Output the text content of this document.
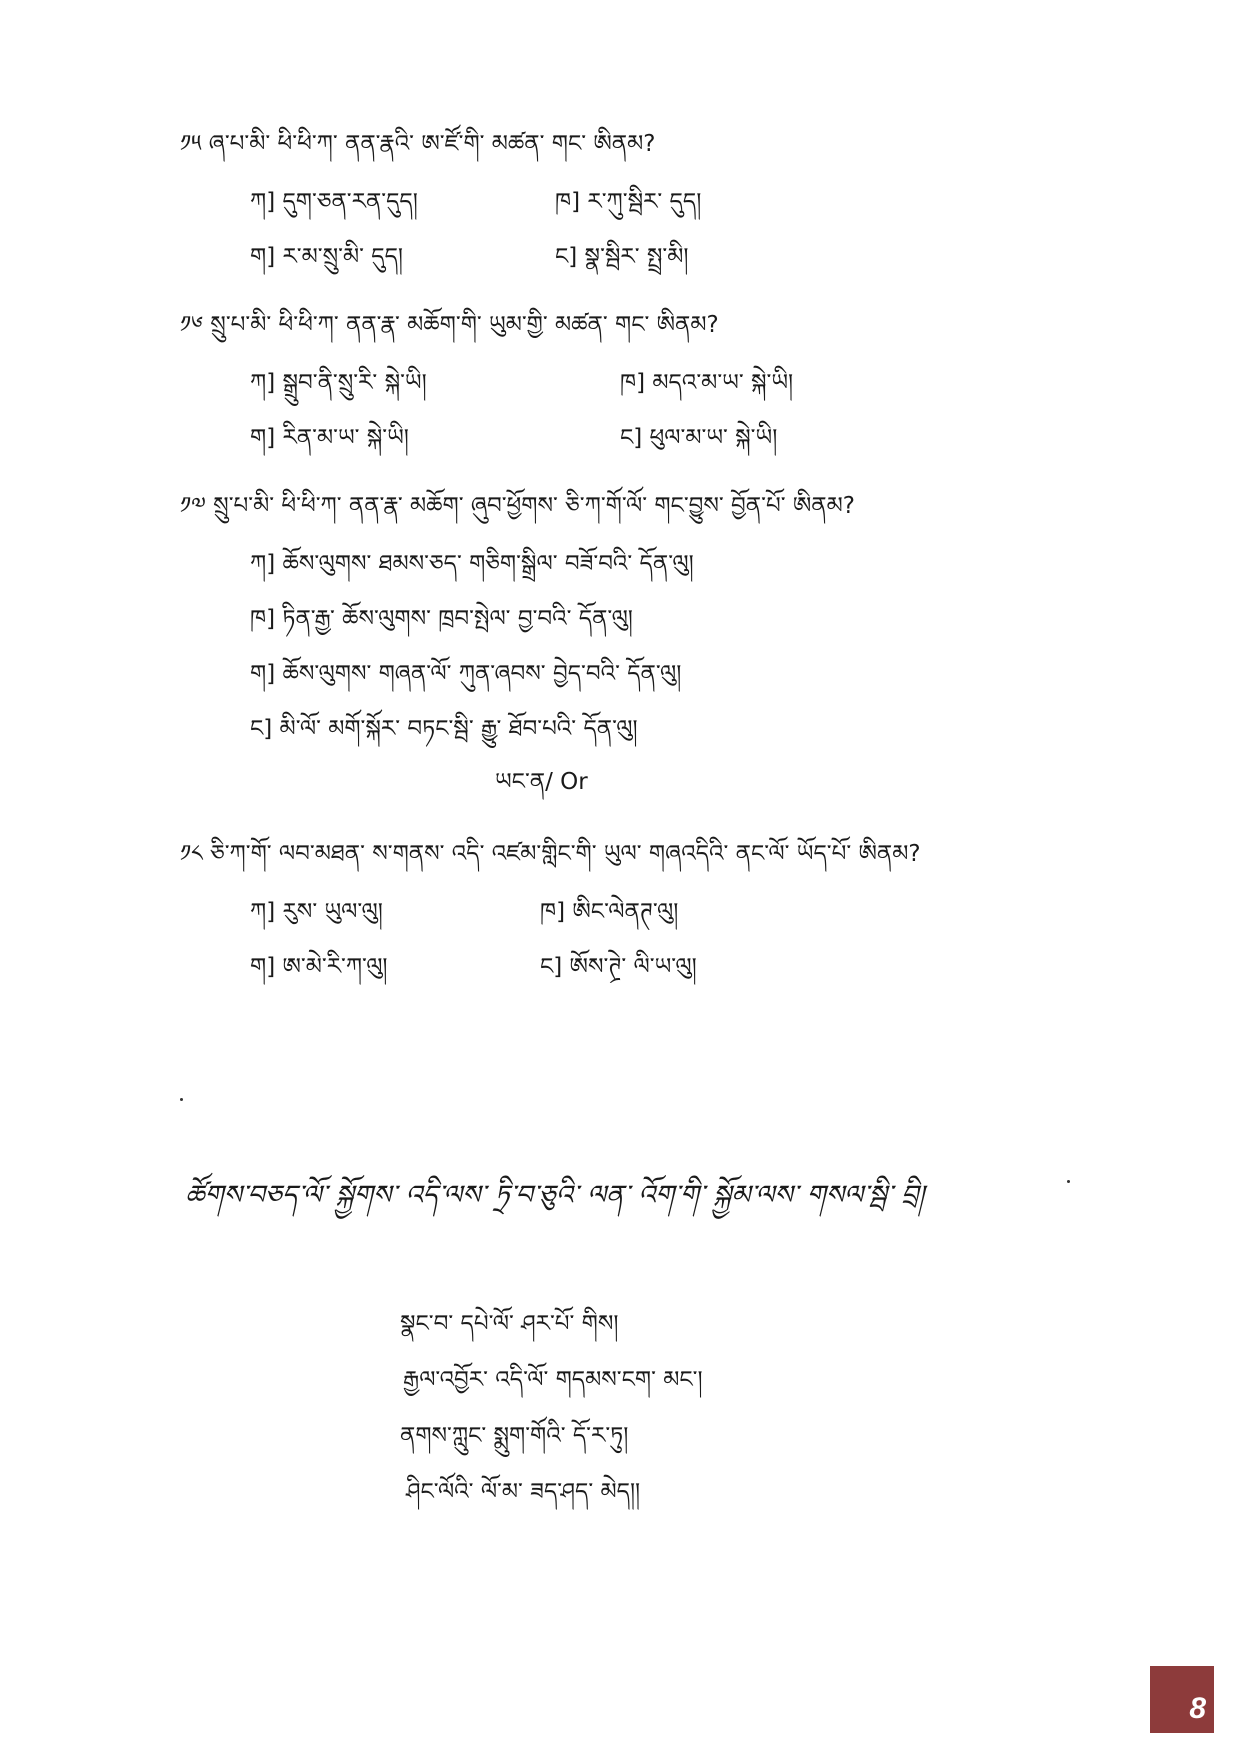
༡༥ ཞ་པ་མི་ ཕི་ཕི་ཀ་ ནན་རྣའི་ ཨ་ཛོ་གི་ མཚན་ གང་ ཨིནམ?
ཀ] དུག་ཅན་རན་དུད།	ཁ] ར་ཀུ་སྦིར་ དུད།
ག] ར་མ་སྲུ་མི་ དུད།	ང] སྣ་སྦིར་ སྤྲ་མི།
༡༦ སྲུ་པ་མི་ ཕི་ཕི་ཀ་ ནན་རྣ་ མཆོག་གི་ ཡུམ་གྱི་ མཚན་ གང་ ཨིནམ?
ཀ] སྒྲུབ་ནི་སྲུ་རི་ སྐེ་ཡི།	ཁ] མདའ་མ་ཡ་ སྐེ་ཡི།
ག] རིན་མ་ཡ་ སྐེ་ཡི།	ང] ཕུལ་མ་ཡ་ སྐེ་ཡི།
༡༧ སྲུ་པ་མི་ ཕི་ཕི་ཀ་ ནན་རྣ་ མཆོག་ ཞུབ་ཕྱོགས་ ཅི་ཀ་གོ་ལོ་ གང་བྱུས་ བྱོན་པོ་ ཨིནམ?
ཀ] ཆོས་ལུགས་ ཐམས་ཅད་ གཅིག་སྒྲིལ་ བཟོ་བའི་ དོན་ལུ།
ཁ] ཏིན་རྒྱ་ ཆོས་ལུགས་ ཁྲབ་སྤེལ་ བྱ་བའི་ དོན་ལུ།
ག] ཆོས་ལུགས་ གཞན་ལོ་ ཀུན་ཞབས་ བྱེད་བའི་ དོན་ལུ།
ང] མི་ལོ་ མགོ་སྐོར་ བཏང་སྦི་ རྒྱུ་ ཐོབ་པའི་ དོན་ལུ།
ཡང་ན/ Or
༡༨ ཅི་ཀ་གོ་ ལབ་མཐན་ ས་གནས་ འདི་ འཛམ་གླིང་གི་ ཡུལ་ གཞའདིའི་ ནང་ལོ་ ཡོད་པོ་ ཨིནམ?
ཀ] རུས་ ཡུལ་ལུ།	ཁ] ཨིང་ལེནཊ་ལུ།
ག] ཨ་མེ་རི་ཀ་ལུ།	ང] ཨོས་ཊྲེ་ ལི་ཡ་ལུ།
ཚོགས་བཅད་ལོ་ སྐྱོགས་ འདི་ལས་ ཏྲི་བ་ཅུའི་ ལན་ འོག་གི་ སྐྱོམ་ལས་ གསལ་སྦི་ བྲི།
སྣང་བ་ དཔེ་ལོ་ ཤར་པོ་ གིས།
རྒྱལ་འབྱོར་ འདི་ལོ་ གདམས་ངག་ མང་།
ནགས་ཀླུང་ སྨུག་གོའི་ དོ་ར་ཏུ།
ཤིང་ལོའི་ ལོ་མ་ ཟད་ཤད་ མེད།།
8
